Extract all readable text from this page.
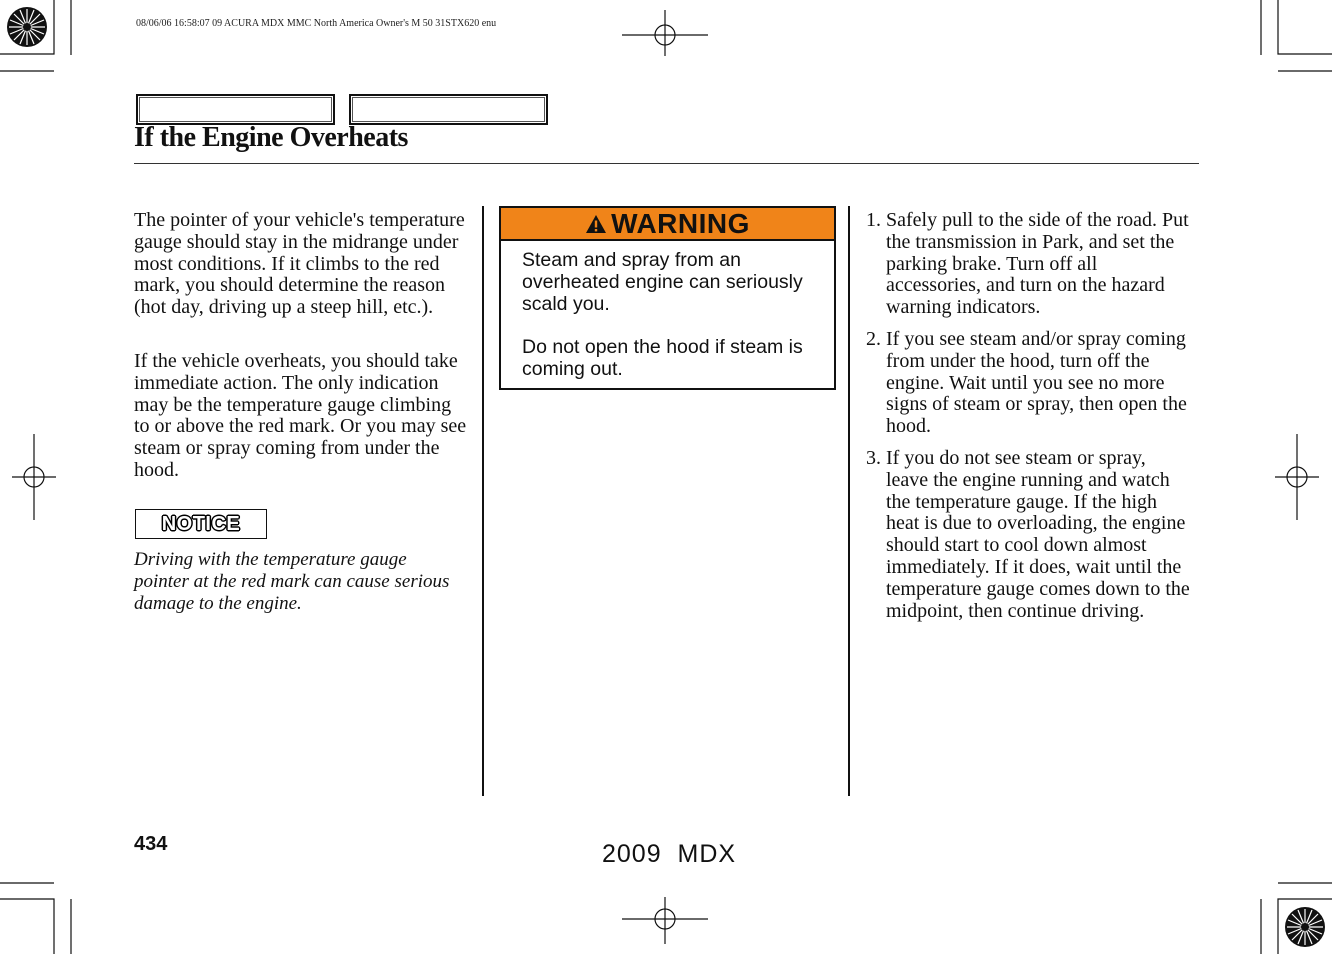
08/06/06 16:58:07 09 ACURA MDX MMC North America Owner's M 50 31STX620 enu
If the Engine Overheats

The pointer of your vehicle's temperature gauge should stay in the midrange under most conditions. If it climbs to the red mark, you should determine the reason (hot day, driving up a steep hill, etc.).

If the vehicle overheats, you should take immediate action. The only indication may be the temperature gauge climbing to or above the red mark. Or you may see steam or spray coming from under the hood.

NOTICE
Driving with the temperature gauge pointer at the red mark can cause serious damage to the engine.
WARNING

Steam and spray from an overheated engine can seriously scald you.

Do not open the hood if steam is coming out.

1. Safely pull to the side of the road. Put the transmission in Park, and set the parking brake. Turn off all accessories, and turn on the hazard warning indicators.
2. If you see steam and/or spray coming from under the hood, turn off the engine. Wait until you see no more signs of steam or spray, then open the hood.
3. If you do not see steam or spray, leave the engine running and watch the temperature gauge. If the high heat is due to overloading, the engine should start to cool down almost immediately. If it does, wait until the temperature gauge comes down to the midpoint, then continue driving.
434	2009  MDX
